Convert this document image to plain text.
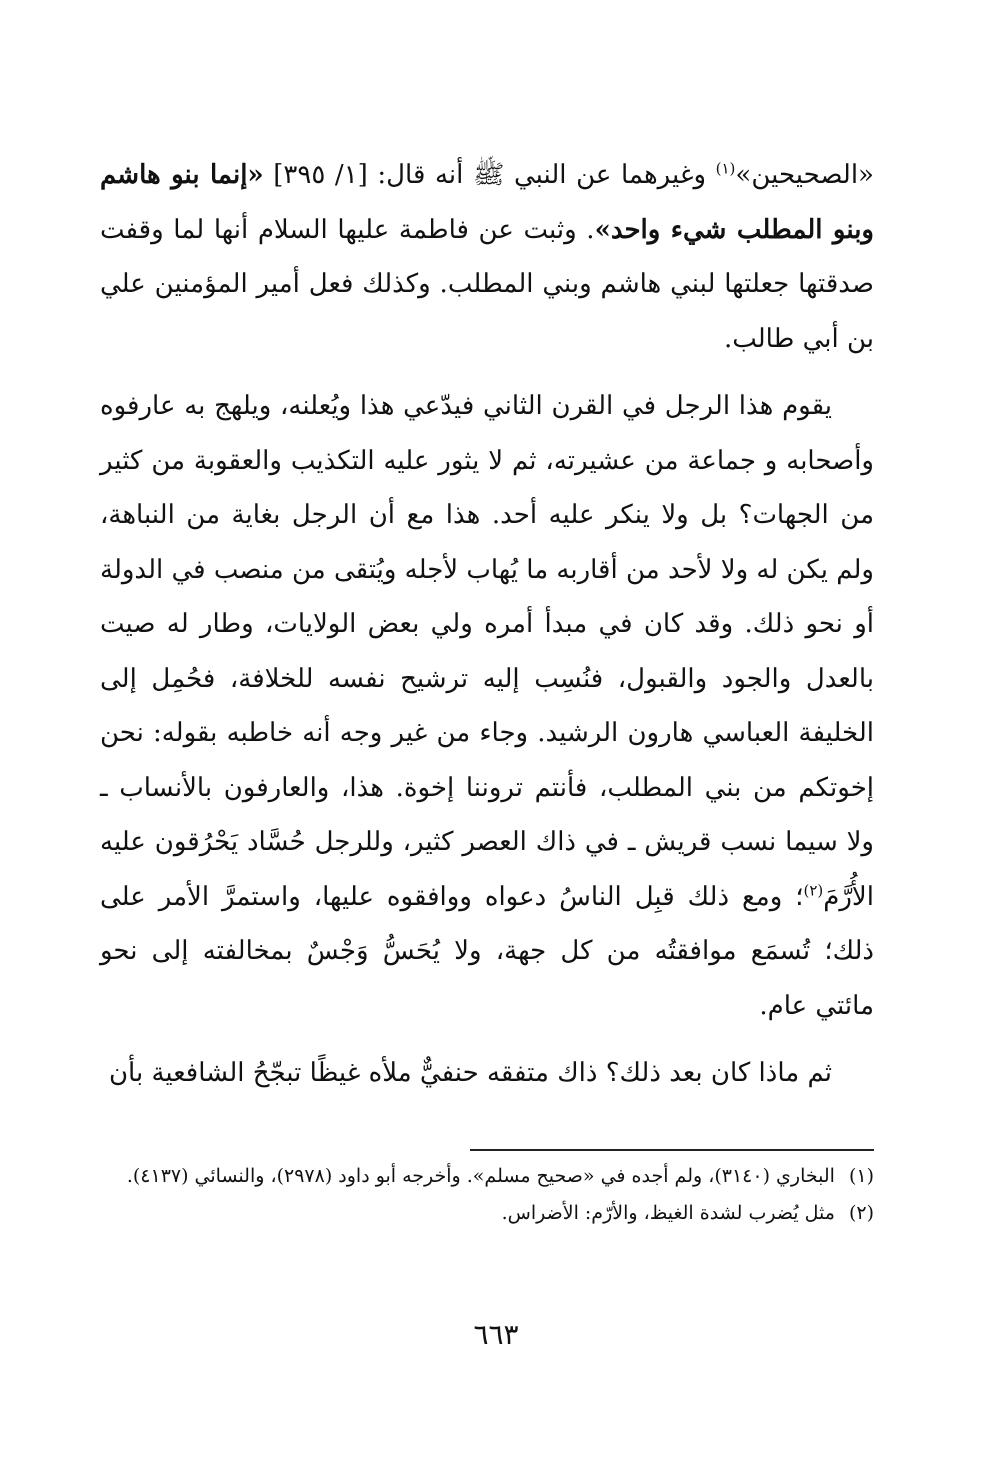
«الصحيحين»$^{(١)}$ وغيرهما عن النبي ﷺ أنه قال: [١/ ٣٩٥] «إنما بنو هاشم وبنو المطلب شيء واحد». وثبت عن فاطمة عليها السلام أنها لما وقفت صدقتها جعلتها لبني هاشم وبني المطلب. وكذلك فعل أمير المؤمنين علي بن أبي طالب.

يقوم هذا الرجل في القرن الثاني فيدّعي هذا ويُعلنه، ويلهج به عارفوه وأصحابه و جماعة من عشيرته، ثم لا يثور عليه التكذيب والعقوبة من كثير من الجهات؟ بل ولا ينكر عليه أحد. هذا مع أن الرجل بغاية من النباهة، ولم يكن له ولا لأحد من أقاربه ما يُهاب لأجله ويُتقى من منصب في الدولة أو نحو ذلك. وقد كان في مبدأ أمره ولي بعض الولايات، وطار له صيت بالعدل والجود والقبول، فنُسِب إليه ترشيح نفسه للخلافة، فحُمِل إلى الخليفة العباسي هارون الرشيد. وجاء من غير وجه أنه خاطبه بقوله: نحن إخوتكم من بني المطلب، فأنتم تروننا إخوة. هذا، والعارفون بالأنساب ـ ولا سيما نسب قريش ـ في ذاك العصر كثير، وللرجل حُسَّاد يَحْرُقون عليه الأُرَّمَ$^{(٢)}$؛ ومع ذلك قبِل الناسُ دعواه ووافقوه عليها، واستمرَّ الأمر على ذلك؛ تُسمَع موافقتُه من كل جهة، ولا يُحَسُّ وَجْسٌ بمخالفته إلى نحو مائتي عام.

ثم ماذا كان بعد ذلك؟ ذاك متفقه حنفيٌّ ملأه غيظًا تبجّحُ الشافعية بأن

(١)
البخاري (٣١٤٠)، ولم أجده في «صحيح مسلم». وأخرجه أبو داود (٢٩٧٨)، والنسائي (٤١٣٧).
(٢)
مثل يُضرب لشدة الغيظ، والأرّم: الأضراس.
٦٦٣
